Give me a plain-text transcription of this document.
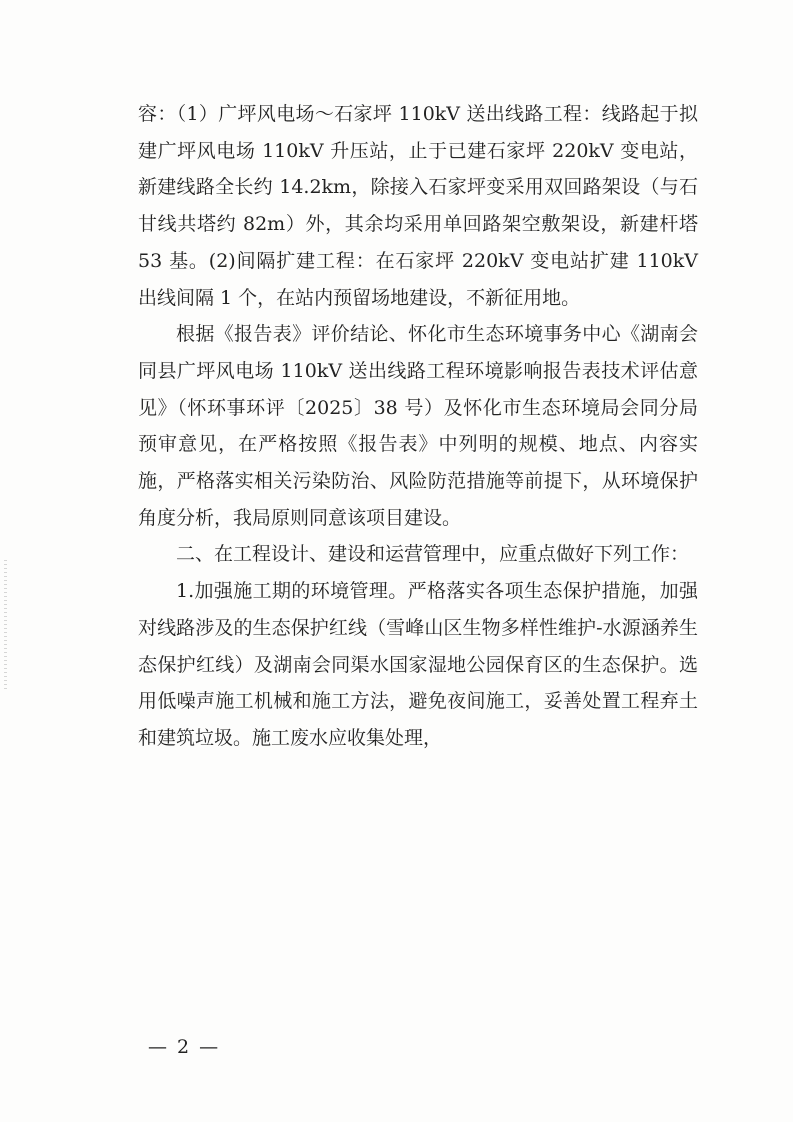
容：（1）广坪风电场～石家坪 110kV 送出线路工程：线路起于拟建广坪风电场 110kV 升压站，止于已建石家坪 220kV 变电站，新建线路全长约 14.2km，除接入石家坪变采用双回路架设（与石甘线共塔约 82m）外，其余均采用单回路架空敷架设，新建杆塔 53 基。(2)间隔扩建工程：在石家坪 220kV 变电站扩建 110kV 出线间隔 1 个，在站内预留场地建设，不新征用地。

根据《报告表》评价结论、怀化市生态环境事务中心《湖南会同县广坪风电场 110kV 送出线路工程环境影响报告表技术评估意见》（怀环事环评〔2025〕38 号）及怀化市生态环境局会同分局预审意见，在严格按照《报告表》中列明的规模、地点、内容实施，严格落实相关污染防治、风险防范措施等前提下，从环境保护角度分析，我局原则同意该项目建设。

二、在工程设计、建设和运营管理中，应重点做好下列工作：

1.加强施工期的环境管理。严格落实各项生态保护措施，加强对线路涉及的生态保护红线（雪峰山区生物多样性维护-水源涵养生态保护红线）及湖南会同渠水国家湿地公园保育区的生态保护。选用低噪声施工机械和施工方法，避免夜间施工，妥善处置工程弃土和建筑垃圾。施工废水应收集处理，

— 2 —
